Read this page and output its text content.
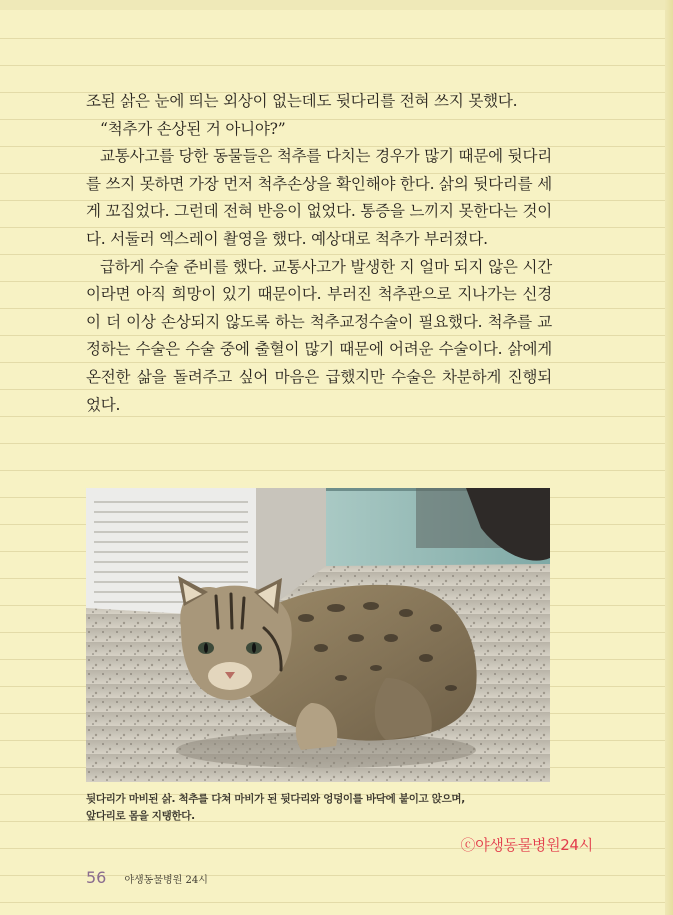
조된 삵은 눈에 띄는 외상이 없는데도 뒷다리를 전혀 쓰지 못했다.

“척추가 손상된 거 아니야?”

교통사고를 당한 동물들은 척추를 다치는 경우가 많기 때문에 뒷다리를 쓰지 못하면 가장 먼저 척추손상을 확인해야 한다. 삵의 뒷다리를 세게 꼬집었다. 그런데 전혀 반응이 없었다. 통증을 느끼지 못한다는 것이다. 서둘러 엑스레이 촬영을 했다. 예상대로 척추가 부러졌다.

급하게 수술 준비를 했다. 교통사고가 발생한 지 얼마 되지 않은 시간이라면 아직 희망이 있기 때문이다. 부러진 척추관으로 지나가는 신경이 더 이상 손상되지 않도록 하는 척추교정수술이 필요했다. 척추를 교정하는 수술은 수술 중에 출혈이 많기 때문에 어려운 수술이다. 삵에게 온전한 삶을 돌려주고 싶어 마음은 급했지만 수술은 차분하게 진행되었다.

뒷다리가 마비된 삵. 척추를 다쳐 마비가 된 뒷다리와 엉덩이를 바닥에 붙이고 앉으며,
앞다리로 몸을 지탱한다.
ⓒ야생동물병원24시
56 야생동물병원 24시
